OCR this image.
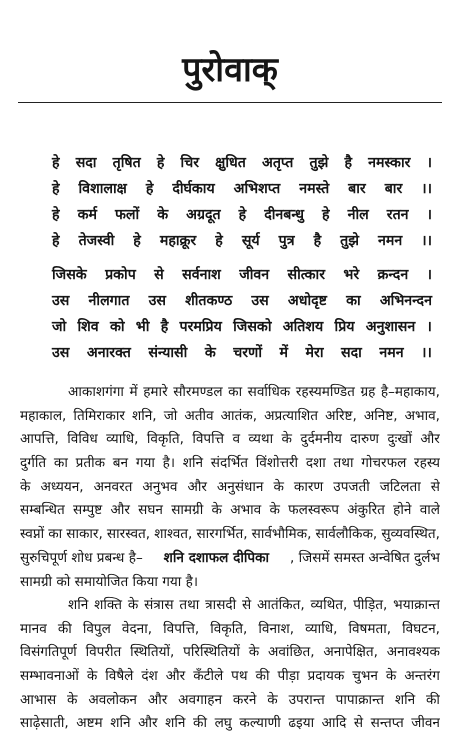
पुरोवाक्
हे सदा तृषित हे चिर क्षुधित अतृप्त तुझे है नमस्कार ।
हे विशालाक्ष हे दीर्घकाय अभिशप्त नमस्ते बार बार ।।
हे कर्म फलों के अग्रदूत हे दीनबन्धु हे नील रतन ।
हे तेजस्वी हे महाक्रूर हे सूर्य पुत्र है तुझे नमन ।।
जिसके प्रकोप से सर्वनाश जीवन सीत्कार भरे क्रन्दन ।
उस नीलगात उस शीतकण्ठ उस अधोदृष्ट का अभिनन्दन
जो शिव को भी है परमप्रिय जिसको अतिशय प्रिय अनुशासन ।
उस अनारक्त संन्यासी के चरणों में मेरा सदा नमन ।।
आकाशगंगा में हमारे सौरमण्डल का सर्वाधिक रहस्यमण्डित ग्रह है–महाकाय,
महाकाल, तिमिराकार शनि, जो अतीव आतंक, अप्रत्याशित अरिष्ट, अनिष्ट, अभाव,
आपत्ति, विविध व्याधि, विकृति, विपत्ति व व्यथा के दुर्दमनीय दारुण दुःखों और
दुर्गति का प्रतीक बन गया है। शनि संदर्भित विंशोत्तरी दशा तथा गोचरफल रहस्य
के अध्ययन, अनवरत अनुभव और अनुसंधान के कारण उपजती जटिलता से
सम्बन्धित सम्पुष्ट और सघन सामग्री के अभाव के फलस्वरूप अंकुरित होने वाले
स्वप्नों का साकार, सारस्वत, शाश्वत, सारगर्भित, सार्वभौमिक, सार्वलौकिक, सुव्यवस्थित,
सुरुचिपूर्ण शोध प्रबन्ध है– शनि दशाफल दीपिका , जिसमें समस्त अन्वेषित दुर्लभ
सामग्री को समायोजित किया गया है।
शनि शक्ति के संत्रास तथा त्रासदी से आतंकित, व्यथित, पीड़ित, भयाक्रान्त
मानव की विपुल वेदना, विपत्ति, विकृति, विनाश, व्याधि, विषमता, विघटन,
विसंगतिपूर्ण विपरीत स्थितियों, परिस्थितियों के अवांछित, अनापेक्षित, अनावश्यक
सम्भावनाओं के विषैले दंश और कँटीले पथ की पीड़ा प्रदायक चुभन के अन्तरंग
आभास के अवलोकन और अवगाहन करने के उपरान्त पापाक्रान्त शनि की
साढ़ेसाती, अष्टम शनि और शनि की लघु कल्याणी ढइया आदि से सन्तप्त जीवन
